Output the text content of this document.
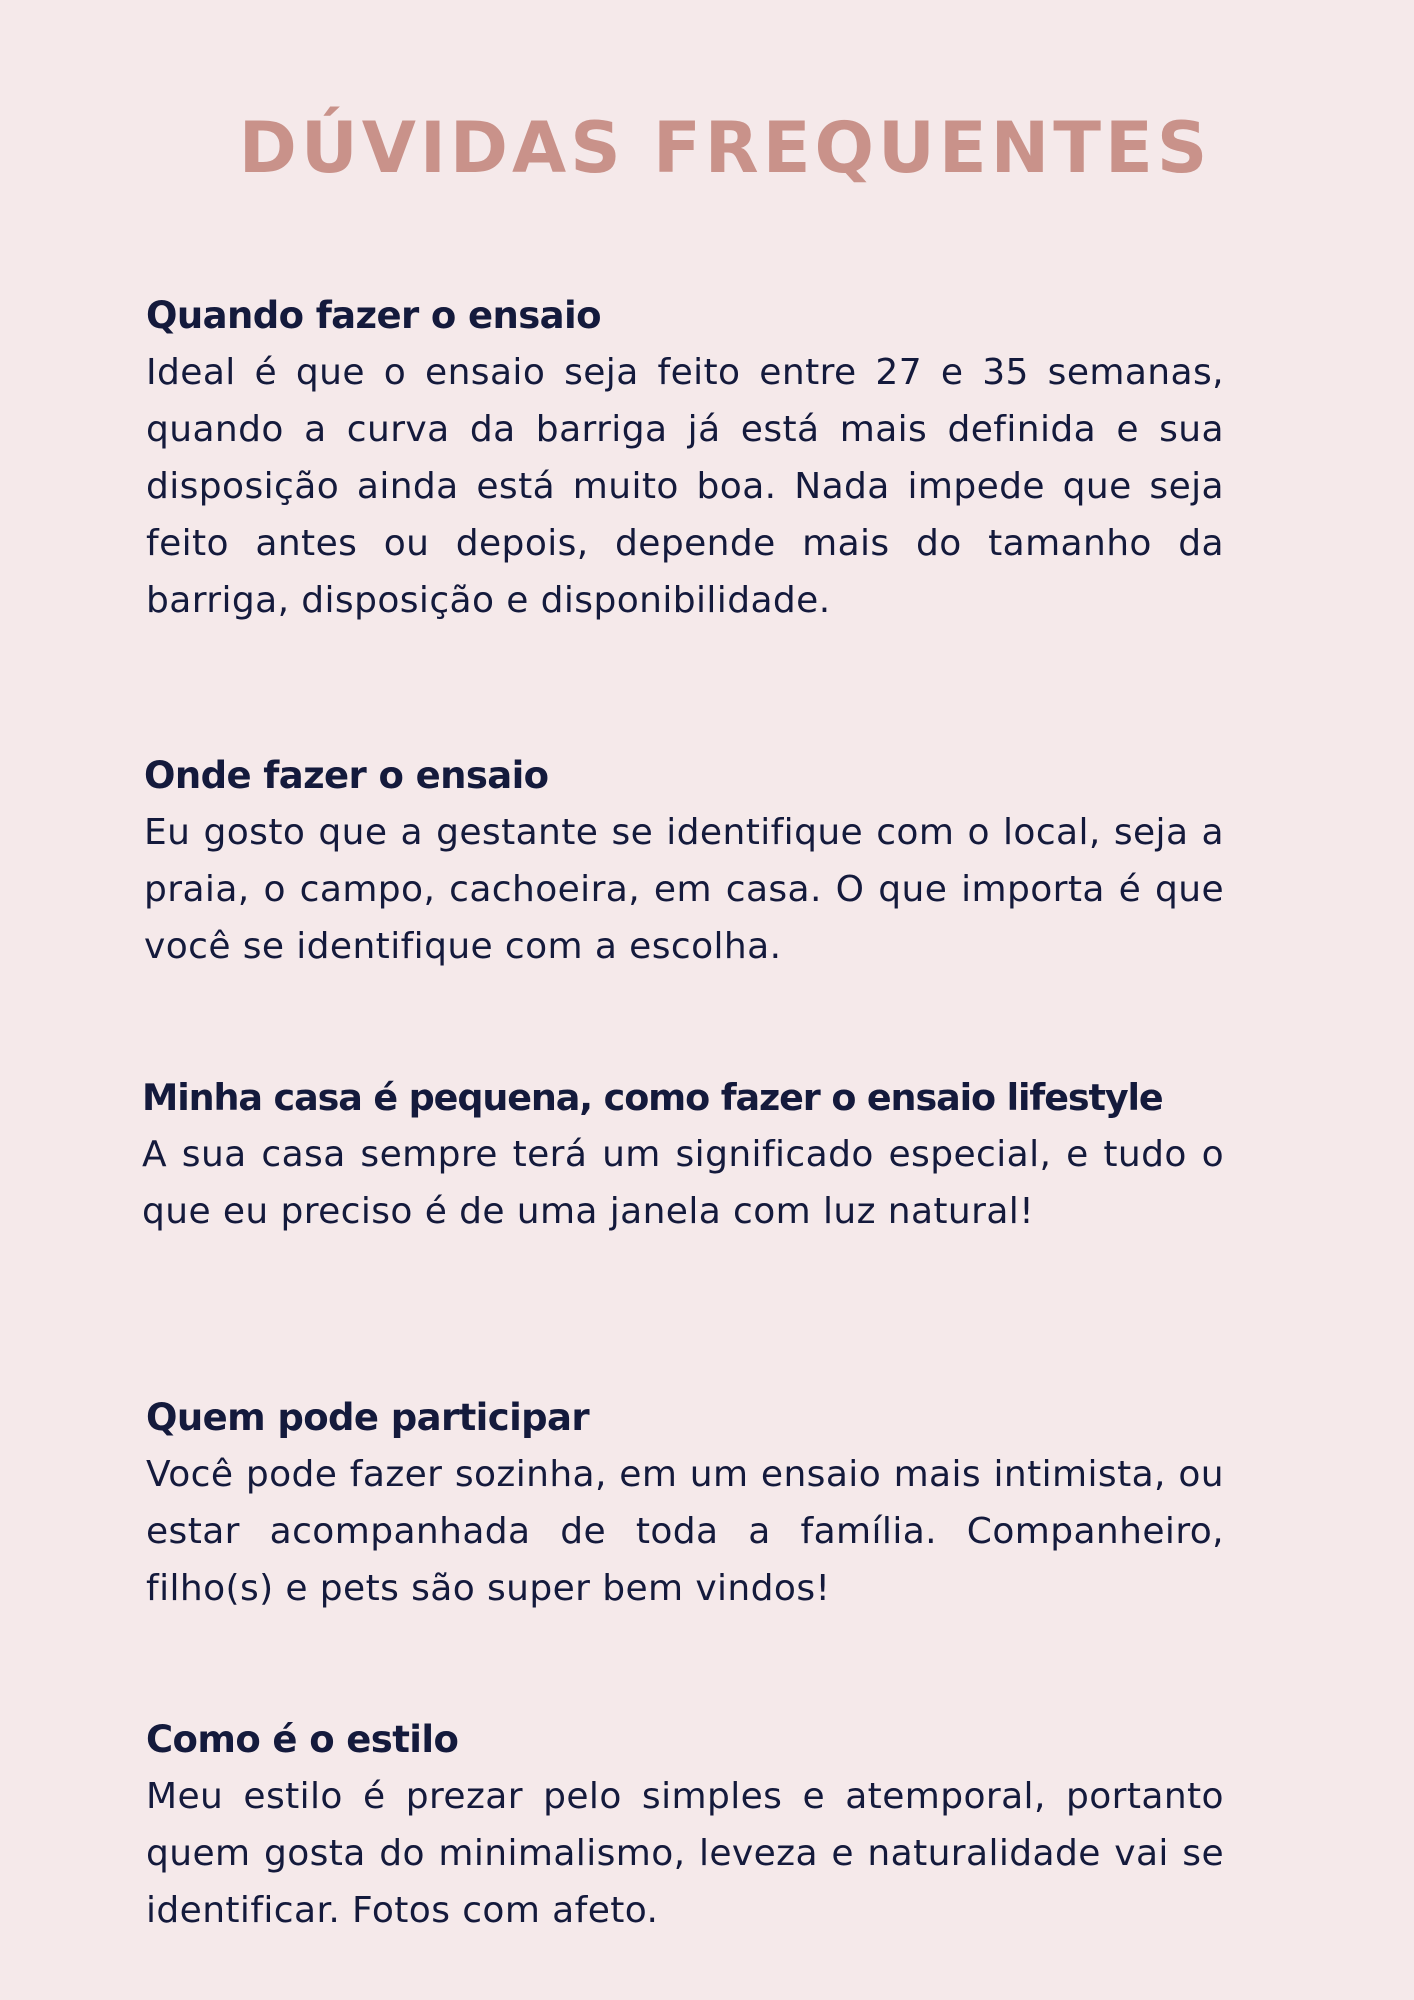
DÚVIDAS FREQUENTES
Quando fazer o ensaio

Ideal é que o ensaio seja feito entre 27 e 35 semanas, quando a curva da barriga já está mais definida e sua disposição ainda está muito boa. Nada impede que seja feito antes ou depois, depende mais do tamanho da barriga, disposição e disponibilidade.

Onde fazer o ensaio

Eu gosto que a gestante se identifique com o local, seja a praia, o campo, cachoeira, em casa. O que importa é que você se identifique com a escolha.

Minha casa é pequena, como fazer o ensaio lifestyle

A sua casa sempre terá um significado especial, e tudo o que eu preciso é de uma janela com luz natural!

Quem pode participar

Você pode fazer sozinha, em um ensaio mais intimista, ou estar acompanhada de toda a família. Companheiro, filho(s) e pets são super bem vindos!

Como é o estilo

Meu estilo é prezar pelo simples e atemporal, portanto quem gosta do minimalismo, leveza e naturalidade vai se identificar. Fotos com afeto.
